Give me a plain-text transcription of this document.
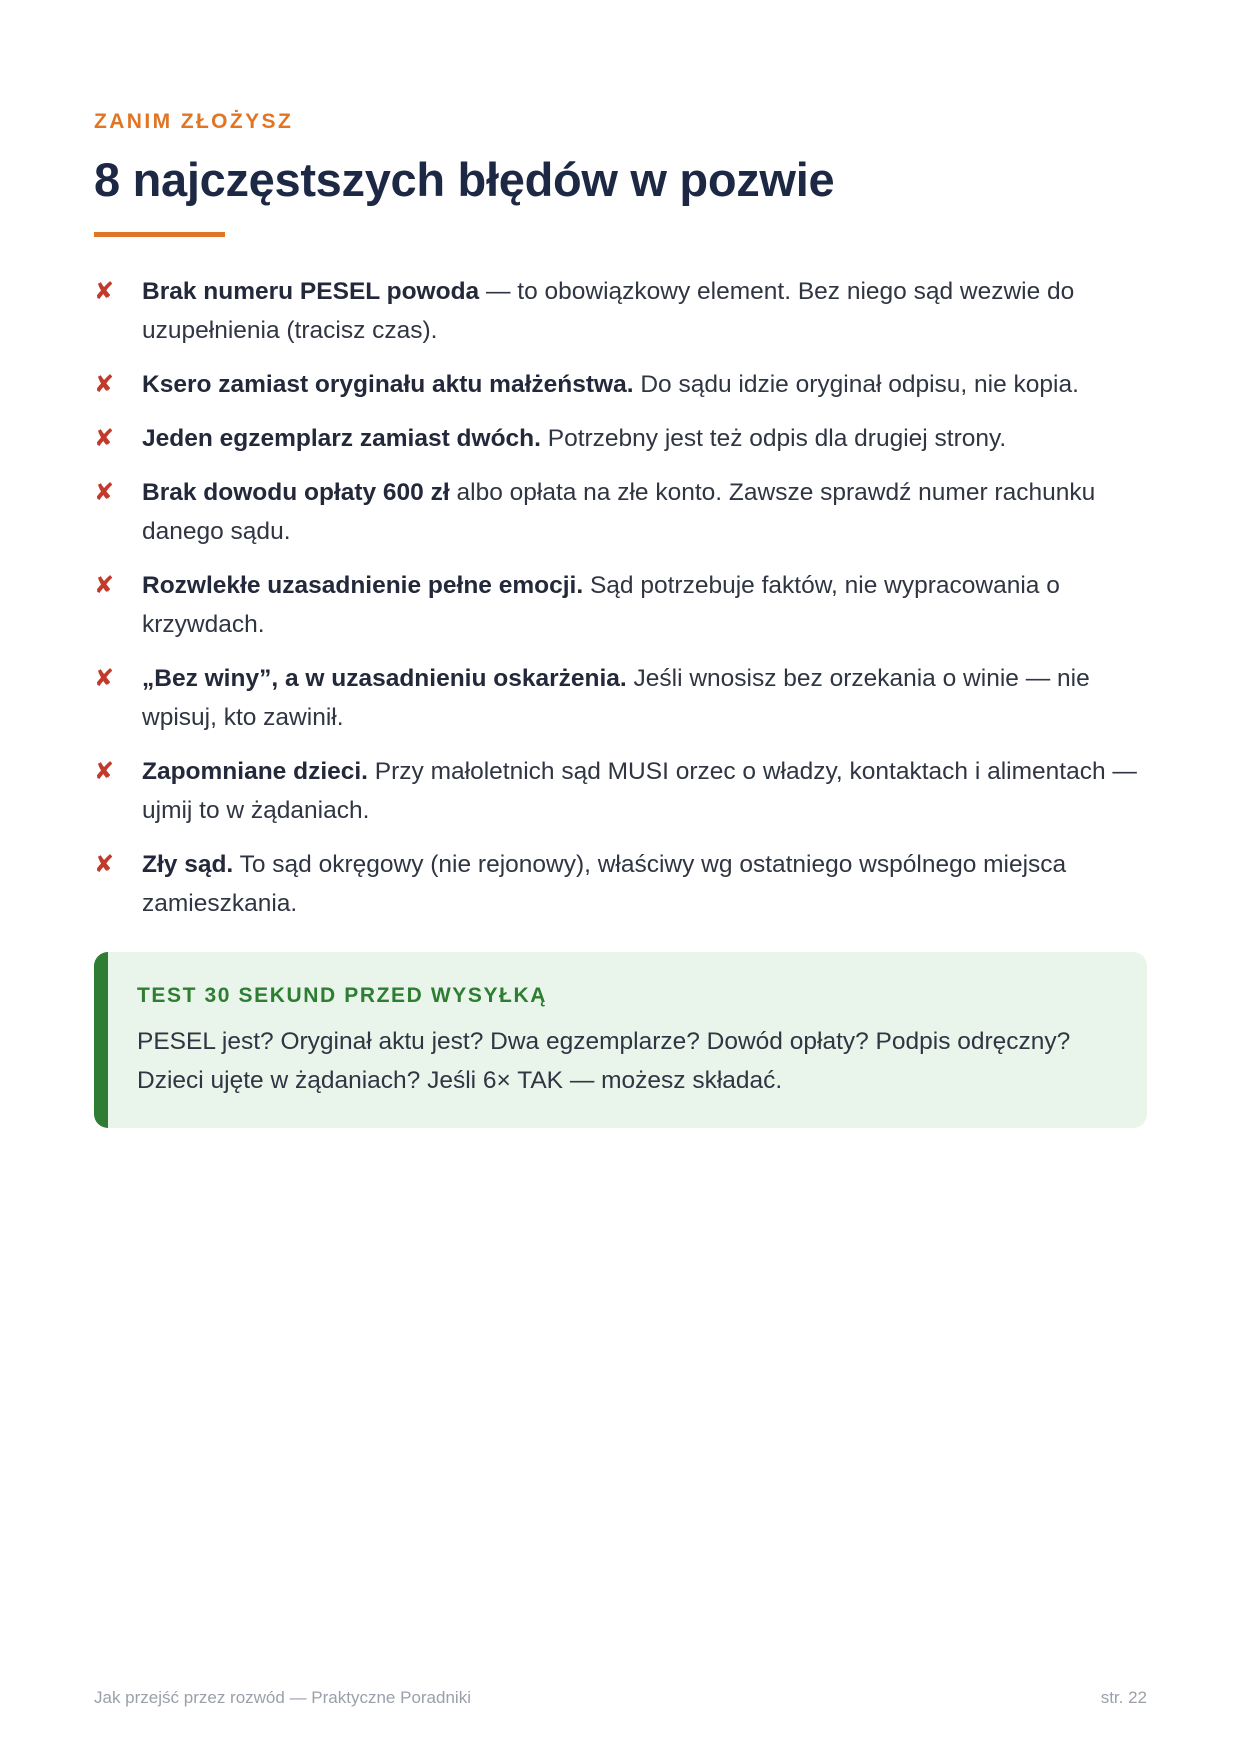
ZANIM ZŁOŻYSZ
8 najczęstszych błędów w pozwie
✘ Brak numeru PESEL powoda — to obowiązkowy element. Bez niego sąd wezwie do uzupełnienia (tracisz czas).
✘ Ksero zamiast oryginału aktu małżeństwa. Do sądu idzie oryginał odpisu, nie kopia.
✘ Jeden egzemplarz zamiast dwóch. Potrzebny jest też odpis dla drugiej strony.
✘ Brak dowodu opłaty 600 zł albo opłata na złe konto. Zawsze sprawdź numer rachunku danego sądu.
✘ Rozwlekłe uzasadnienie pełne emocji. Sąd potrzebuje faktów, nie wypracowania o krzywdach.
✘ „Bez winy”, a w uzasadnieniu oskarżenia. Jeśli wnosisz bez orzekania o winie — nie wpisuj, kto zawinił.
✘ Zapomniane dzieci. Przy małoletnich sąd MUSI orzec o władzy, kontaktach i alimentach — ujmij to w żądaniach.
✘ Zły sąd. To sąd okręgowy (nie rejonowy), właściwy wg ostatniego wspólnego miejsca zamieszkania.
TEST 30 SEKUND PRZED WYSYŁKĄ
PESEL jest? Oryginał aktu jest? Dwa egzemplarze? Dowód opłaty? Podpis odręczny? Dzieci ujęte w żądaniach? Jeśli 6× TAK — możesz składać.
Jak przejść przez rozwód — Praktyczne Poradniki	str. 22
